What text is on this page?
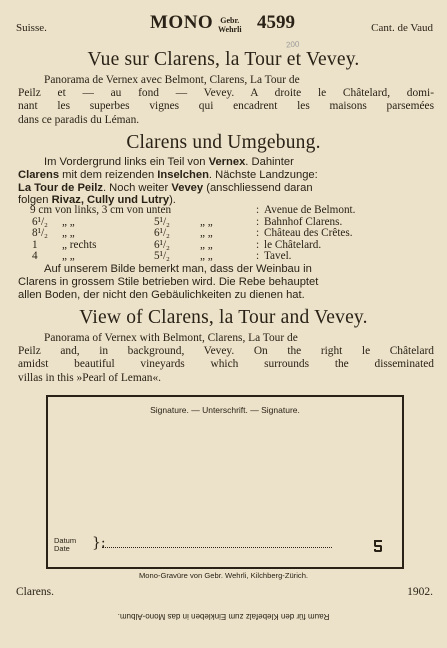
Suisse.	MONO Gebr.
Wehrli 4599	Cant. de Vaud
200
Vue sur Clarens, la Tour et Vevey.

Panorama de Vernex avec Belmont, Clarens, La Tour de

Peilz et — au fond — Vevey. A droite le Châtelard, domi-
nant les superbes vignes qui encadrent les maisons parsemées
dans ce paradis du Léman.
Clarens und Umgebung.

Im Vordergrund links ein Teil von Vernex. Dahinter

Clarens mit dem reizenden Inselchen. Nächste Landzunge:

La Tour de Peilz. Noch weiter Vevey (anschliessend daran

folgen Rivaz, Cully und Lutry).

9 cm von links, 3 cm von unten	: Avenue de Belmont.
6¹/₂ „ „	5¹/₂	„ „	: Bahnhof Clarens.
8¹/₂ „ „	6¹/₂	„ „	: Château des Crêtes.
1 „ rechts	6¹/₂	„ „	: le Châtelard.
4 „ „	5¹/₂	„ „	: Tavel.

Auf unserem Bilde bemerkt man, dass der Weinbau in

Clarens in grossem Stile betrieben wird. Die Rebe behauptet

allen Boden, der nicht den Gebäulichkeiten zu dienen hat.

View of Clarens, la Tour and Vevey.

Panorama of Vernex with Belmont, Clarens, La Tour de

Peilz and, in background, Vevey. On the right le Châtelard
amidst beautiful vineyards which surrounds the disseminated
villas in this »Pearl of Leman«.
Signature. — Unterschrift. — Signature.
Datum
Date	}:
Mono-Gravüre von Gebr. Wehrli, Kilchberg-Zürich.
Clarens.	1902.
Raum für den Klebefalz zum Einkleben in das Mono-Album.
